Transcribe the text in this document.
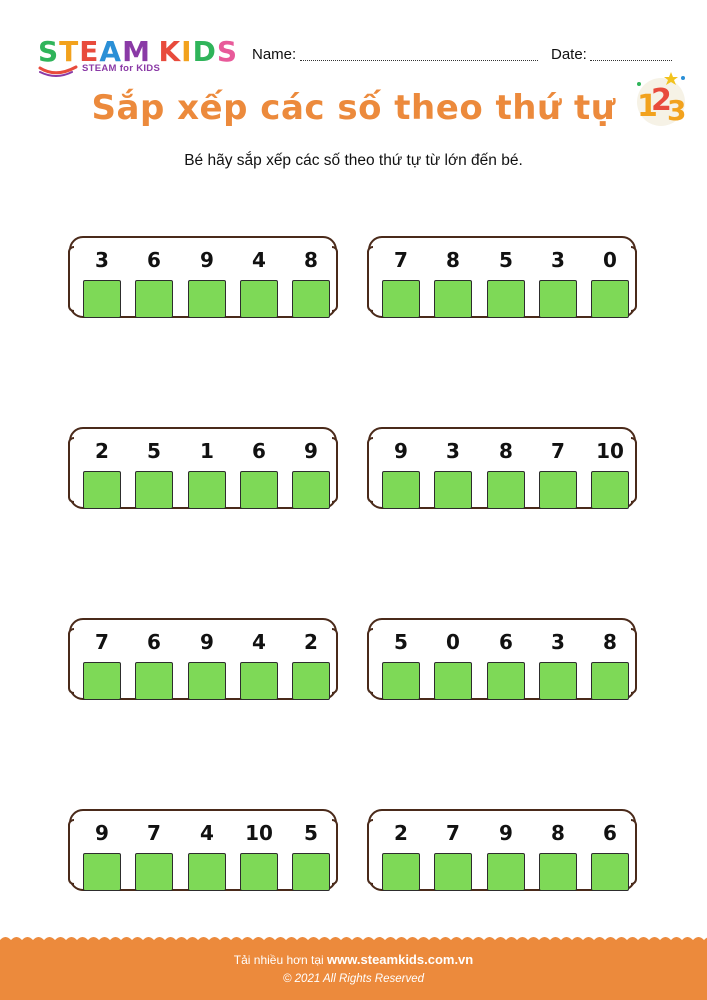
S T E A M K I D S
STEAM for KIDS
Name:	Date:
Sắp xếp các số theo thứ tự 1
2
3
Bé hãy sắp xếp các số theo thứ tự từ lớn đến bé.
3	6	9	4	8	7	8	5	3	0
2	5	1	6	9	9	3	8	7	10
7	6	9	4	2	5	0	6	3	8
9	7	4	10	5	2	7	9	8	6
Tải nhiều hơn tại www.steamkids.com.vn
© 2021 All Rights Reserved
